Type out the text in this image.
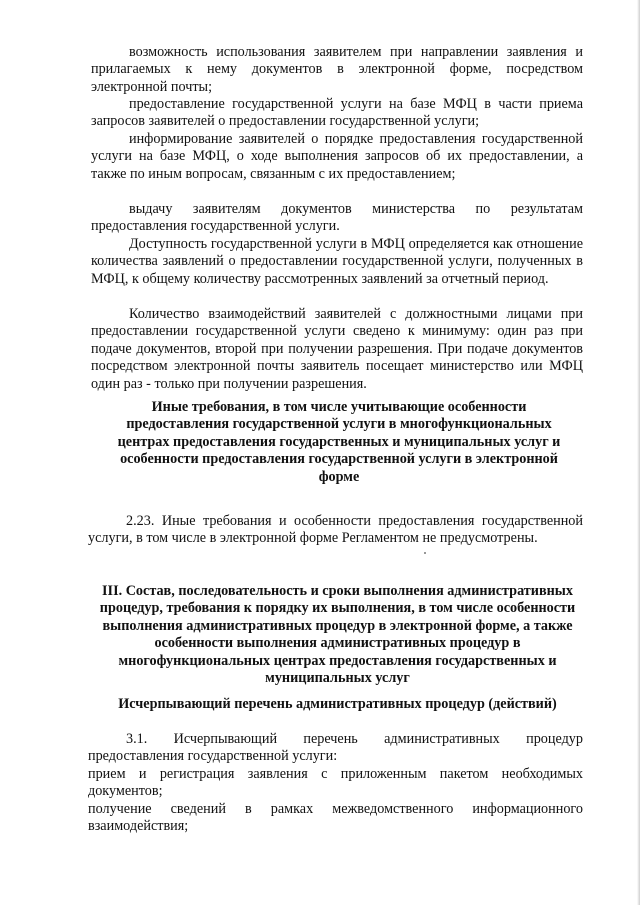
возможность использования заявителем при направлении заявления и прилагаемых к нему документов в электронной форме, посредством электронной почты;

предоставление государственной услуги на базе МФЦ в части приема запросов заявителей о предоставлении государственной услуги;

информирование заявителей о порядке предоставления государственной услуги на базе МФЦ, о ходе выполнения запросов об их предоставлении, а также по иным вопросам, связанным с их предоставлением;

выдачу заявителям документов министерства по результатам предоставления государственной услуги.

Доступность государственной услуги в МФЦ определяется как отношение количества заявлений о предоставлении государственной услуги, полученных в МФЦ, к общему количеству рассмотренных заявлений за отчетный период.

Количество взаимодействий заявителей с должностными лицами при предоставлении государственной услуги сведено к минимуму: один раз при подаче документов, второй при получении разрешения. При подаче документов посредством электронной почты заявитель посещает министерство или МФЦ один раз - только при получении разрешения.

Иные требования, в том числе учитывающие особенности предоставления государственной услуги в многофункциональных центрах предоставления государственных и муниципальных услуг и особенности предоставления государственной услуги в электронной форме

2.23. Иные требования и особенности предоставления государственной услуги, в том числе в электронной форме Регламентом не предусмотрены.

III. Состав, последовательность и сроки выполнения административных процедур, требования к порядку их выполнения, в том числе особенности выполнения административных процедур в электронной форме, а также особенности выполнения административных процедур в многофункциональных центрах предоставления государственных и муниципальных услуг

Исчерпывающий перечень административных процедур (действий)

3.1. Исчерпывающий перечень административных процедур предоставления государственной услуги:

прием и регистрация заявления с приложенным пакетом необходимых документов;

получение сведений в рамках межведомственного информационного взаимодействия;
